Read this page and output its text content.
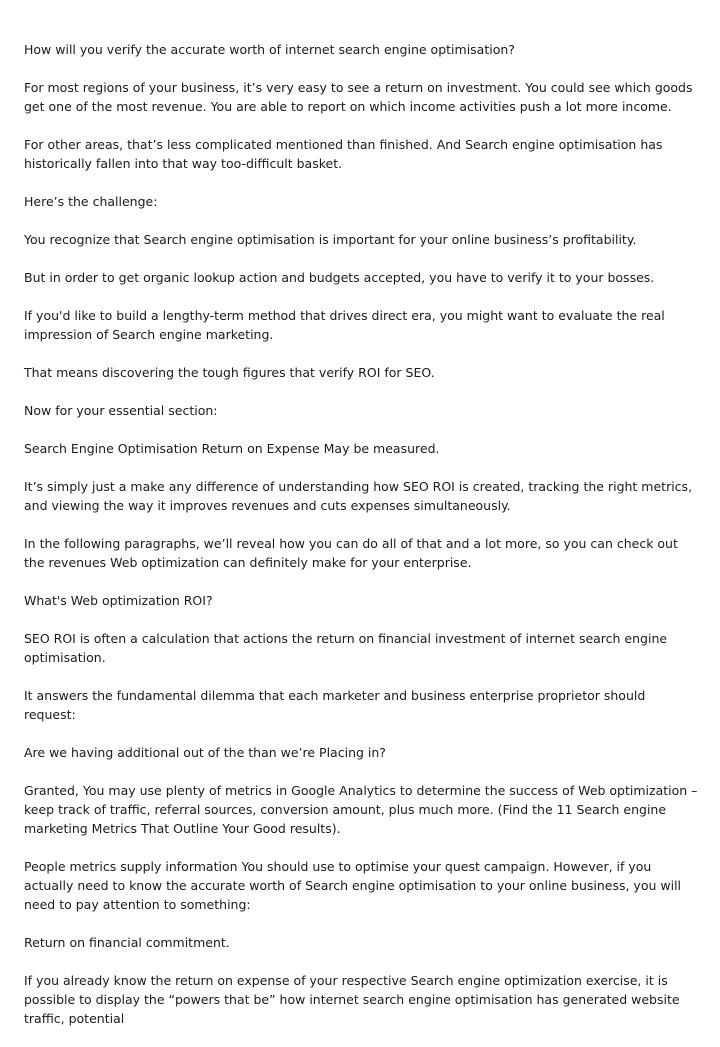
How will you verify the accurate worth of internet search engine optimisation?

For most regions of your business, it’s very easy to see a return on investment. You could see which goods get one of the most revenue. You are able to report on which income activities push a lot more income.

For other areas, that’s less complicated mentioned than finished. And Search engine optimisation has historically fallen into that way too-difficult basket.

Here’s the challenge:

You recognize that Search engine optimisation is important for your online business’s profitability.

But in order to get organic lookup action and budgets accepted, you have to verify it to your bosses.

If you'd like to build a lengthy-term method that drives direct era, you might want to evaluate the real impression of Search engine marketing.

That means discovering the tough figures that verify ROI for SEO.

Now for your essential section:

Search Engine Optimisation Return on Expense May be measured.

It’s simply just a make any difference of understanding how SEO ROI is created, tracking the right metrics, and viewing the way it improves revenues and cuts expenses simultaneously.

In the following paragraphs, we’ll reveal how you can do all of that and a lot more, so you can check out the revenues Web optimization can definitely make for your enterprise.

What's Web optimization ROI?

SEO ROI is often a calculation that actions the return on financial investment of internet search engine optimisation.

It answers the fundamental dilemma that each marketer and business enterprise proprietor should request:

Are we having additional out of the than we’re Placing in?

Granted, You may use plenty of metrics in Google Analytics to determine the success of Web optimization – keep track of traffic, referral sources, conversion amount, plus much more. (Find the 11 Search engine marketing Metrics That Outline Your Good results).

People metrics supply information You should use to optimise your quest campaign. However, if you actually need to know the accurate worth of Search engine optimisation to your online business, you will need to pay attention to something:

Return on financial commitment.

If you already know the return on expense of your respective Search engine optimization exercise, it is possible to display the “powers that be” how internet search engine optimisation has generated website traffic, potential
